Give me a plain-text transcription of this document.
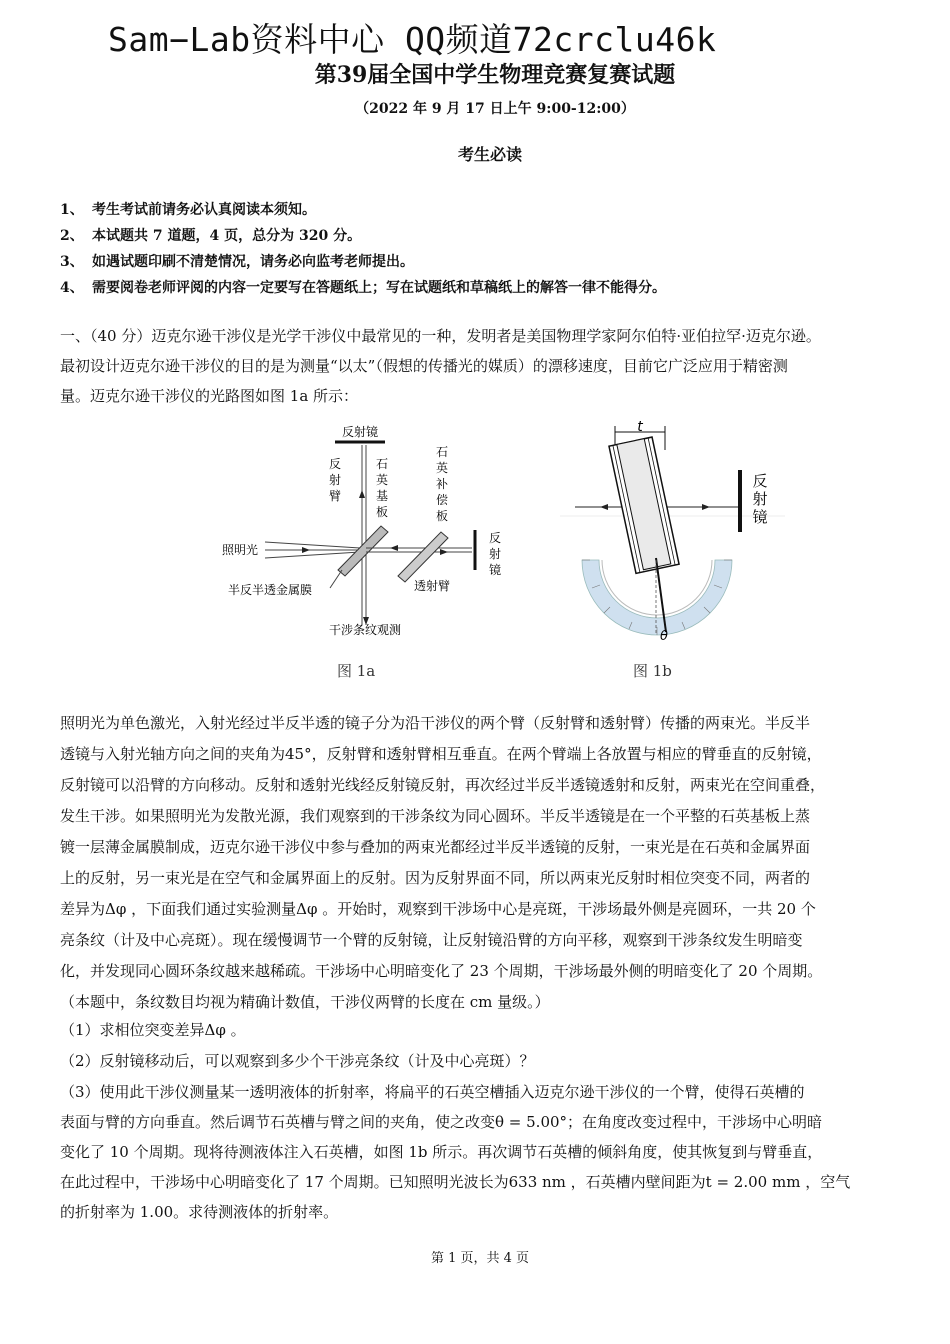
Sam−Lab资料中心 QQ频道72crclu46k
第39届全国中学生物理竞赛复赛试题
（2022 年 9 月 17 日上午 9:00-12:00）
考生必读
1、 考生考试前请务必认真阅读本须知。
2、 本试题共 7 道题，4 页，总分为 320 分。
3、 如遇试题印刷不清楚情况，请务必向监考老师提出。
4、 需要阅卷老师评阅的内容一定要写在答题纸上；写在试题纸和草稿纸上的解答一律不能得分。
一、（40 分）迈克尔逊干涉仪是光学干涉仪中最常见的一种，发明者是美国物理学家阿尔伯特·亚伯拉罕·迈克尔逊。
最初设计迈克尔逊干涉仪的目的是为测量“以太”（假想的传播光的媒质）的漂移速度，目前它广泛应用于精密测
量。迈克尔逊干涉仪的光路图如图 1a 所示：
反射镜
反
射
臂
石
英
基
板
石
英
补
偿
板
照明光
反
射
镜
半反半透金属膜	透射臂
干涉条纹观测
图 1a
t
θ
反
射
镜
图 1b
照明光为单色激光，入射光经过半反半透的镜子分为沿干涉仪的两个臂（反射臂和透射臂）传播的两束光。半反半
透镜与入射光轴方向之间的夹角为45°，反射臂和透射臂相互垂直。在两个臂端上各放置与相应的臂垂直的反射镜，
反射镜可以沿臂的方向移动。反射和透射光线经反射镜反射，再次经过半反半透镜透射和反射，两束光在空间重叠，
发生干涉。如果照明光为发散光源，我们观察到的干涉条纹为同心圆环。半反半透镜是在一个平整的石英基板上蒸
镀一层薄金属膜制成，迈克尔逊干涉仪中参与叠加的两束光都经过半反半透镜的反射，一束光是在石英和金属界面
上的反射，另一束光是在空气和金属界面上的反射。因为反射界面不同，所以两束光反射时相位突变不同，两者的
差异为Δφ ，下面我们通过实验测量Δφ 。开始时，观察到干涉场中心是亮斑，干涉场最外侧是亮圆环，一共 20 个
亮条纹（计及中心亮斑）。现在缓慢调节一个臂的反射镜，让反射镜沿臂的方向平移，观察到干涉条纹发生明暗变
化，并发现同心圆环条纹越来越稀疏。干涉场中心明暗变化了 23 个周期，干涉场最外侧的明暗变化了 20 个周期。
（本题中，条纹数目均视为精确计数值，干涉仪两臂的长度在 cm 量级。）
（1）求相位突变差异Δφ 。
（2）反射镜移动后，可以观察到多少个干涉亮条纹（计及中心亮斑）？
（3）使用此干涉仪测量某一透明液体的折射率，将扁平的石英空槽插入迈克尔逊干涉仪的一个臂，使得石英槽的
表面与臂的方向垂直。然后调节石英槽与臂之间的夹角，使之改变θ = 5.00°；在角度改变过程中，干涉场中心明暗
变化了 10 个周期。现将待测液体注入石英槽，如图 1b 所示。再次调节石英槽的倾斜角度，使其恢复到与臂垂直，
在此过程中，干涉场中心明暗变化了 17 个周期。已知照明光波长为633 nm ，石英槽内壁间距为t = 2.00 mm ，空气
的折射率为 1.00。求待测液体的折射率。
第 1 页，共 4 页
